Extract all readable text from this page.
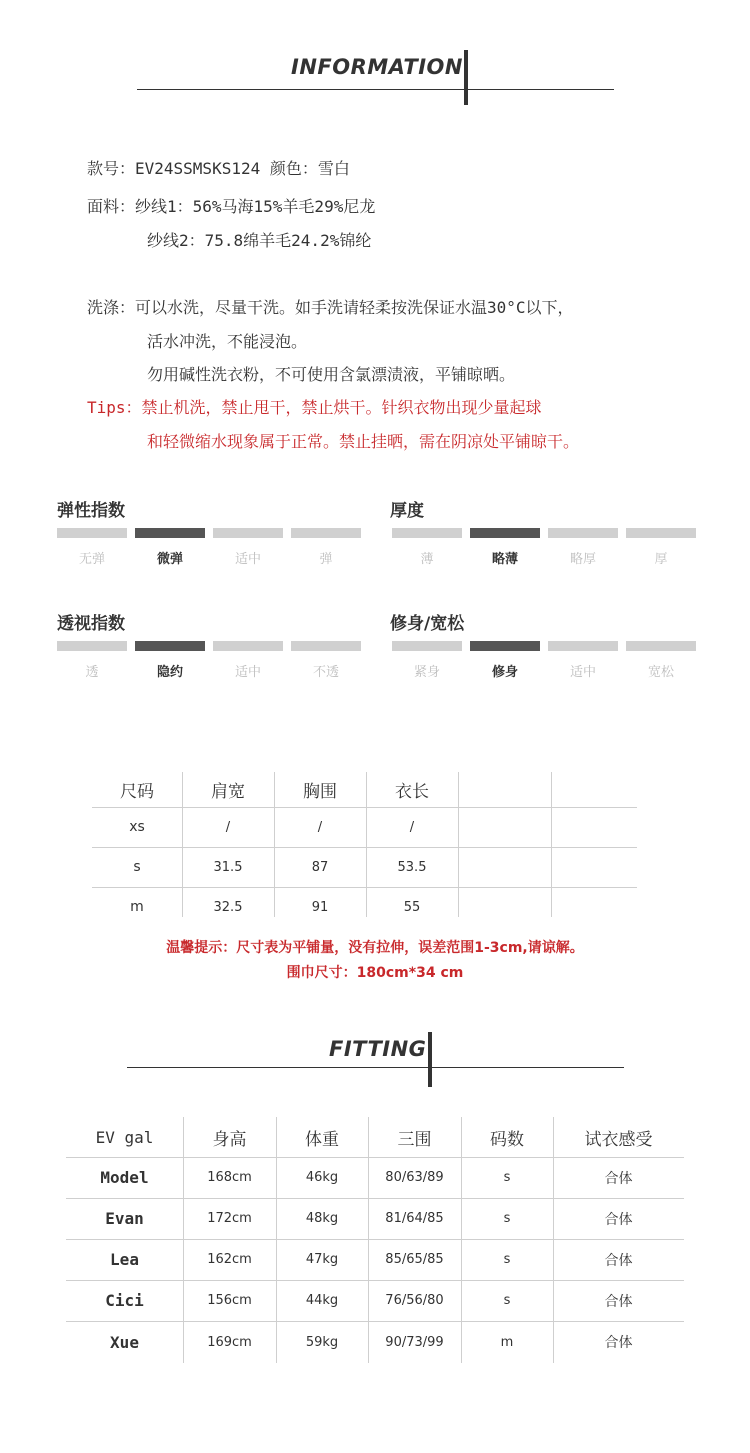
INFORMATION
款号：EV24SSMSKS124 颜色：雪白
面料：纱线1：56%马海15%羊毛29%尼龙
纱线2：75.8绵羊毛24.2%锦纶
洗涤：可以水洗，尽量干洗。如手洗请轻柔按洗保证水温30°C以下，
活水冲洗，不能浸泡。
勿用碱性洗衣粉，不可使用含氯漂渍液，平铺晾晒。
Tips：禁止机洗，禁止甩干，禁止烘干。针织衣物出现少量起球
和轻微缩水现象属于正常。禁止挂晒，需在阴凉处平铺晾干。
弹性指数
无弹	微弹	适中	弹
厚度
薄	略薄	略厚	厚
透视指数
透	隐约	适中	不透
修身/宽松
紧身	修身	适中	宽松
尺码	肩宽	胸围	衣长
xs	/	/	/
s	31.5	87	53.5
m	32.5	91	55
温馨提示：尺寸表为平铺量，没有拉伸，误差范围1-3cm,请谅解。
围巾尺寸：180cm*34 cm
FITTING
EV gal	身高	体重	三围	码数	试衣感受
Model	168cm	46kg	80/63/89	s	合体
Evan	172cm	48kg	81/64/85	s	合体
Lea	162cm	47kg	85/65/85	s	合体
Cici	156cm	44kg	76/56/80	s	合体
Xue	169cm	59kg	90/73/99	m	合体
